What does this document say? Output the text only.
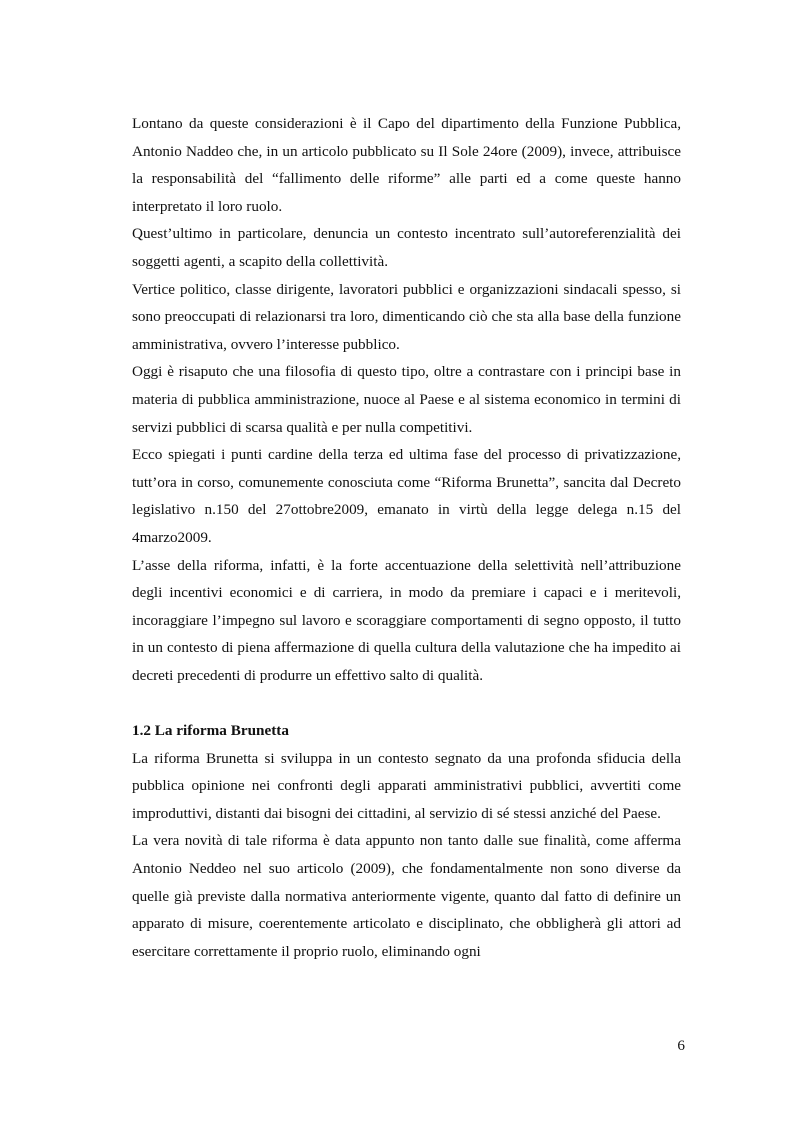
Lontano da queste considerazioni è il Capo del dipartimento della Funzione Pubblica, Antonio Naddeo che, in un articolo pubblicato su Il Sole 24ore (2009), invece, attribuisce la responsabilità del “fallimento delle riforme” alle parti ed a come queste hanno interpretato il loro ruolo.

Quest’ultimo in particolare, denuncia un contesto incentrato sull’autoreferenzialità dei soggetti agenti, a scapito della collettività.

Vertice politico, classe dirigente, lavoratori pubblici e organizzazioni sindacali spesso, si sono preoccupati di relazionarsi tra loro, dimenticando ciò che sta alla base della funzione amministrativa, ovvero l’interesse pubblico.

Oggi è risaputo che una filosofia di questo tipo, oltre a contrastare con i principi base in materia di pubblica amministrazione, nuoce al Paese e al sistema economico in termini di servizi pubblici di scarsa qualità e per nulla competitivi.

Ecco spiegati i punti cardine della terza ed ultima fase del processo di privatizzazione, tutt’ora in corso, comunemente conosciuta come “Riforma Brunetta”, sancita dal Decreto legislativo n.150 del 27ottobre2009, emanato in virtù della legge delega n.15 del 4marzo2009.

L’asse della riforma, infatti, è la forte accentuazione della selettività nell’attribuzione degli incentivi economici e di carriera, in modo da premiare i capaci e i meritevoli, incoraggiare l’impegno sul lavoro e scoraggiare comportamenti di segno opposto, il tutto in un contesto di piena affermazione di quella cultura della valutazione che ha impedito ai decreti precedenti di produrre un effettivo salto di qualità.

1.2 La riforma Brunetta

La riforma Brunetta si sviluppa in un contesto segnato da una profonda sfiducia della pubblica opinione nei confronti degli apparati amministrativi pubblici, avvertiti come improduttivi, distanti dai bisogni dei cittadini, al servizio di sé stessi anziché del Paese.

La vera novità di tale riforma è data appunto non tanto dalle sue finalità, come afferma Antonio Neddeo nel suo articolo (2009), che fondamentalmente non sono diverse da quelle già previste dalla normativa anteriormente vigente, quanto dal fatto di definire un apparato di misure, coerentemente articolato e disciplinato, che obbligherà gli attori ad esercitare correttamente il proprio ruolo, eliminando ogni

6
